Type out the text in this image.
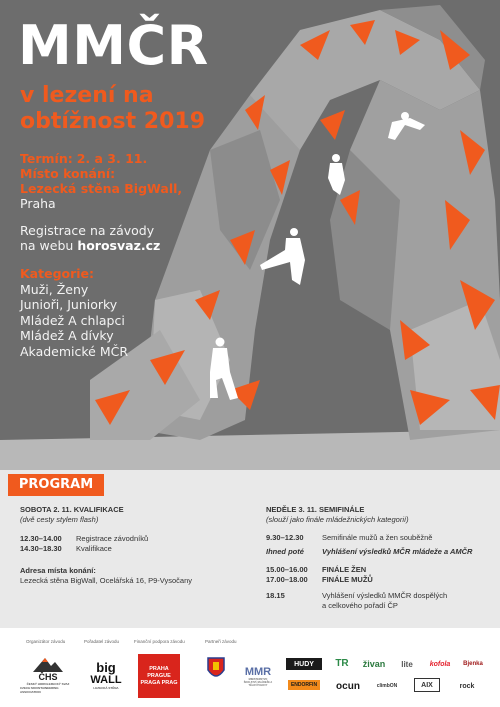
MMČR
v lezení na
obtížnost 2019
Termín: 2. a 3. 11.
Místo konání:
Lezecká stěna BigWall,
Praha
Registrace na závody
na webu horosvaz.cz
Kategorie:
Muži, Ženy
Junioři, Juniorky
Mládež A chlapci
Mládež A dívky
Akademické MČR
PROGRAM
SOBOTA 2. 11. KVALIFIKACE
(dvě cesty stylem flash)
12.30–14.00	Registrace závodníků
14.30–18.30	Kvalifikace
Adresa místa konání:
Lezecká stěna BigWall, Ocelářská 16, P9-Vysočany
NEDĚLE 3. 11. SEMIFINÁLE
(slouží jako finále mládežnických kategorií)
9.30–12.30	Semifinále mužů a žen souběžně
Ihned poté	Vyhlášení výsledků MČR mládeže a AMČR
15.00–16.00	FINÁLE ŽEN
17.00–18.00	FINÁLE MUŽŮ
18.15	Vyhlášení výsledků MMČR dospělých
a celkového pořadí ČP
Organizátor závodu	Pořadatel závodu	Finanční podpora závodu	Partneři závodu
ČHS
ČESKÝ HOROLEZECKÝ SVAZ
CZECH MOUNTAINEERING ASSOCIATION
big
WALL
LEZECKÁ STĚNA
PRAHA PRAGUE PRAGA PRAG
MMR
MINISTERSTVO ŠKOLSTVÍ, MLÁDEŽE A TĚLOVÝCHOVY
HUDY	TR	živan	lite	kofola	Bjenka
ENDORFIN	ocun	climbON	AIX	rock
